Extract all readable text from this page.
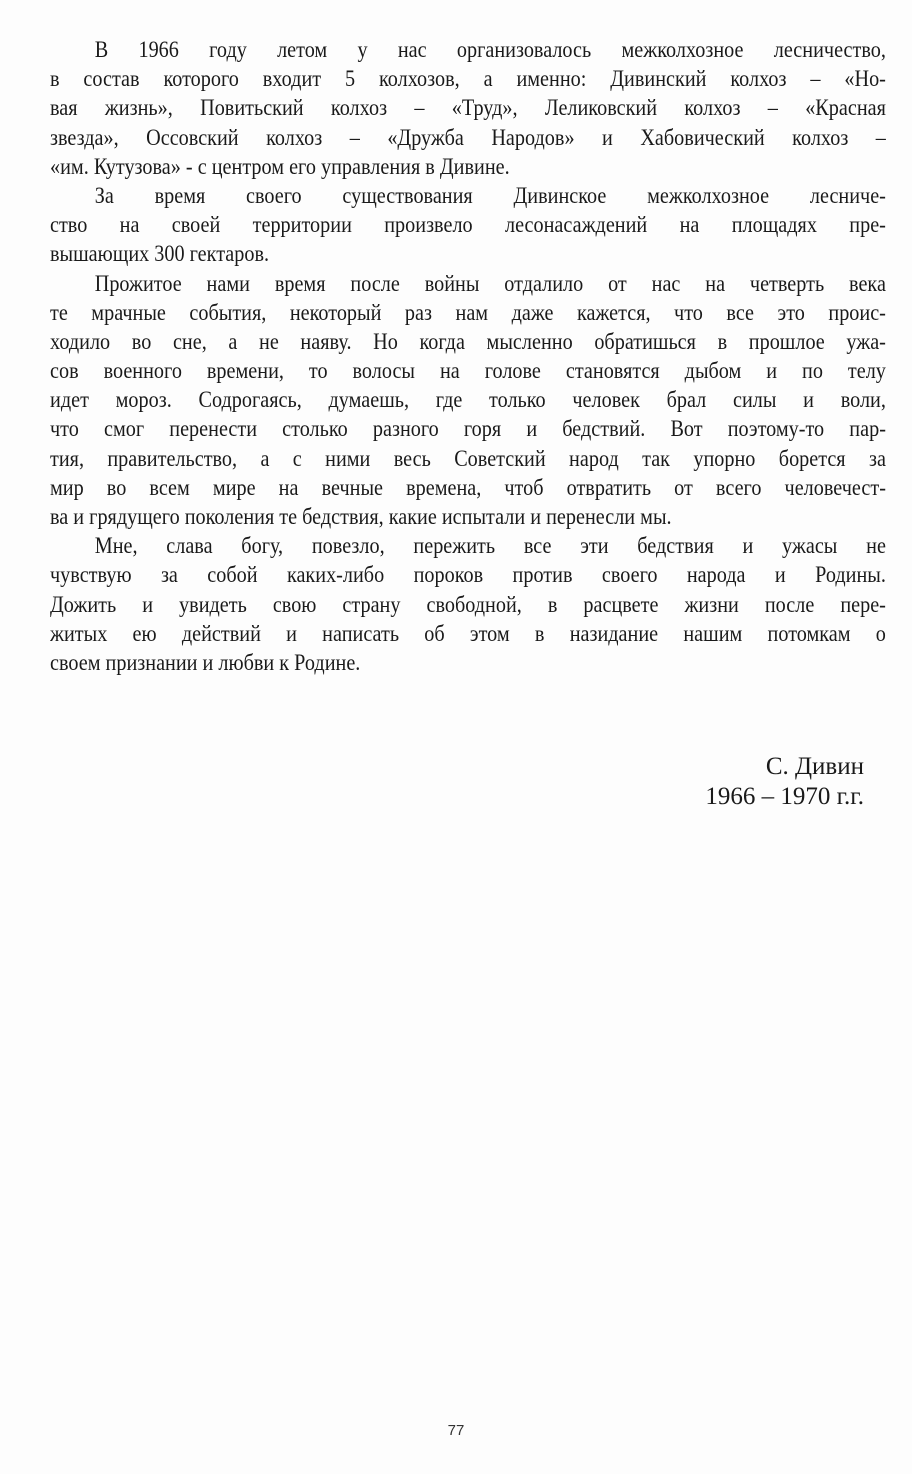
В 1966 году летом у нас организовалось межколхозное лесничество,
в состав которого входит 5 колхозов, а именно: Дивинский колхоз – «Но-
вая жизнь», Повитьский колхоз – «Труд», Леликовский колхоз – «Красная
звезда», Оссовский колхоз – «Дружба Народов» и Хабовический колхоз –
«им. Кутузова» - с центром его управления в Дивине.
За время своего существования Дивинское межколхозное лесниче-
ство на своей территории произвело лесонасаждений на площадях пре-
вышающих 300 гектаров.
Прожитое нами время после войны отдалило от нас на четверть века
те мрачные события, некоторый раз нам даже кажется, что все это проис-
ходило во сне, а не наяву. Но когда мысленно обратишься в прошлое ужа-
сов военного времени, то волосы на голове становятся дыбом и по телу
идет мороз. Содрогаясь, думаешь, где только человек брал силы и воли,
что смог перенести столько разного горя и бедствий. Вот поэтому-то пар-
тия, правительство, а с ними весь Советский народ так упорно борется за
мир во всем мире на вечные времена, чтоб отвратить от всего человечест-
ва и грядущего поколения те бедствия, какие испытали и перенесли мы.
Мне, слава богу, повезло, пережить все эти бедствия и ужасы не
чувствую за собой каких-либо пороков против своего народа и Родины.
Дожить и увидеть свою страну свободной, в расцвете жизни после пере-
житых ею действий и написать об этом в назидание нашим потомкам о
своем признании и любви к Родине.
С. Дивин
1966 – 1970 г.г.
77
